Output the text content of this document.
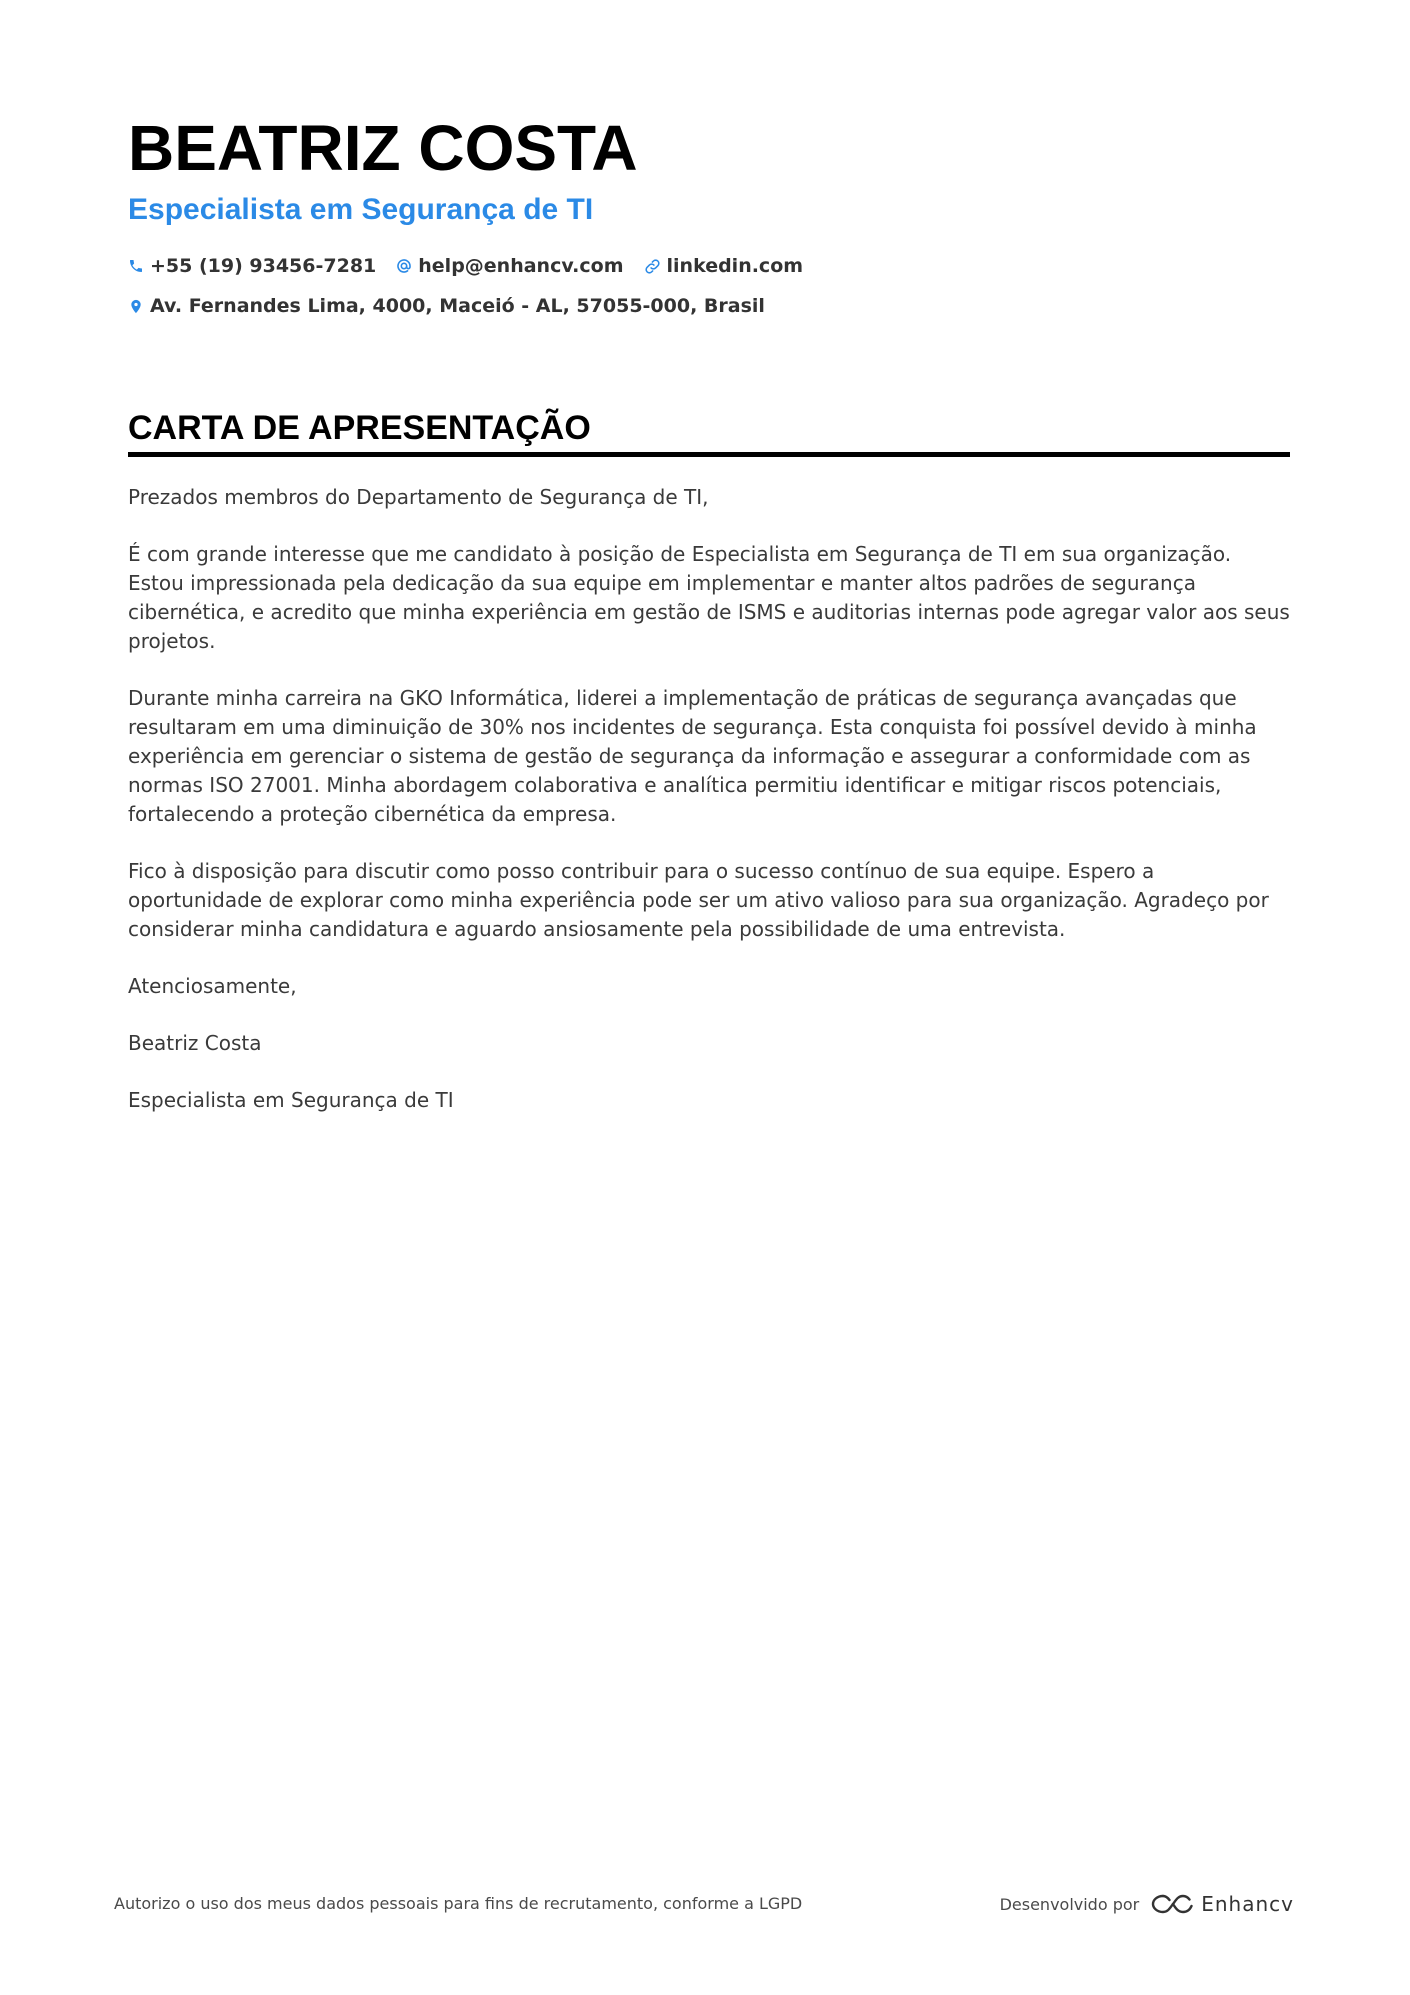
BEATRIZ COSTA
Especialista em Segurança de TI
+55 (19) 93456-7281 help@enhancv.com linkedin.com
Av. Fernandes Lima, 4000, Maceió - AL, 57055-000, Brasil
CARTA DE APRESENTAÇÃO

Prezados membros do Departamento de Segurança de TI,

É com grande interesse que me candidato à posição de Especialista em Segurança de TI em sua organização. Estou impressionada pela dedicação da sua equipe em implementar e manter altos padrões de segurança cibernética, e acredito que minha experiência em gestão de ISMS e auditorias internas pode agregar valor aos seus projetos.

Durante minha carreira na GKO Informática, liderei a implementação de práticas de segurança avançadas que resultaram em uma diminuição de 30% nos incidentes de segurança. Esta conquista foi possível devido à minha experiência em gerenciar o sistema de gestão de segurança da informação e assegurar a conformidade com as normas ISO 27001. Minha abordagem colaborativa e analítica permitiu identificar e mitigar riscos potenciais, fortalecendo a proteção cibernética da empresa.

Fico à disposição para discutir como posso contribuir para o sucesso contínuo de sua equipe. Espero a oportunidade de explorar como minha experiência pode ser um ativo valioso para sua organização. Agradeço por considerar minha candidatura e aguardo ansiosamente pela possibilidade de uma entrevista.

Atenciosamente,

Beatriz Costa

Especialista em Segurança de TI

Autorizo o uso dos meus dados pessoais para fins de recrutamento, conforme a LGPD	Desenvolvido por	Enhancv
